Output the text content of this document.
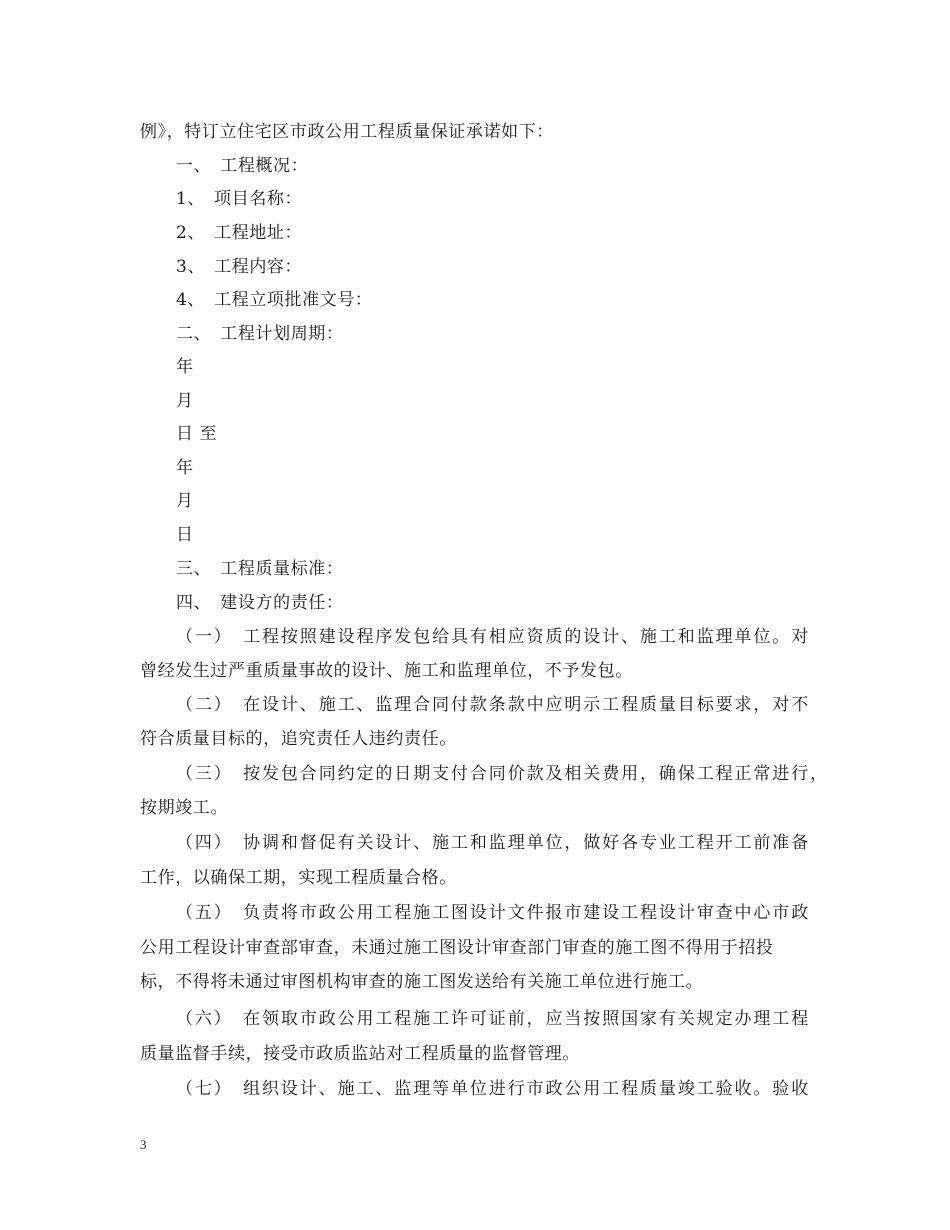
例》，特订立住宅区市政公用工程质量保证承诺如下：
一、　工程概况：
1、　项目名称：
2、　工程地址：
3、　工程内容：
4、　工程立项批准文号：
二、　工程计划周期：
年
月
日 至
年
月
日
三、　工程质量标准：
四、　建设方的责任：
（一）　工程按照建设程序发包给具有相应资质的设计、施工和监理单位。对
曾经发生过严重质量事故的设计、施工和监理单位，不予发包。
（二）　在设计、施工、监理合同付款条款中应明示工程质量目标要求，对不
符合质量目标的，追究责任人违约责任。
（三）　按发包合同约定的日期支付合同价款及相关费用，确保工程正常进行，
按期竣工。
（四）　协调和督促有关设计、施工和监理单位，做好各专业工程开工前准备
工作，以确保工期，实现工程质量合格。
（五）　负责将市政公用工程施工图设计文件报市建设工程设计审查中心市政
公用工程设计审查部审查，未通过施工图设计审查部门审查的施工图不得用于招投
标，不得将未通过审图机构审查的施工图发送给有关施工单位进行施工。
（六）　在领取市政公用工程施工许可证前，应当按照国家有关规定办理工程
质量监督手续，接受市政质监站对工程质量的监督管理。
（七）　组织设计、施工、监理等单位进行市政公用工程质量竣工验收。验收
3
